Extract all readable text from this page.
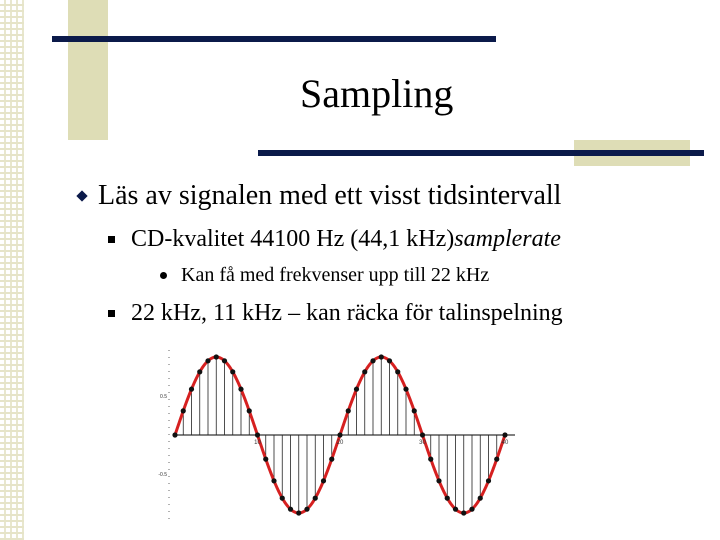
Sampling
Läs av signalen med ett visst tidsintervall
CD-kvalitet 44100 Hz (44,1 kHz) samplerate
Kan få med frekvenser upp till 22 kHz
22 kHz, 11 kHz – kan räcka för talinspelning
10	20	30	40
0.5
-0.5
